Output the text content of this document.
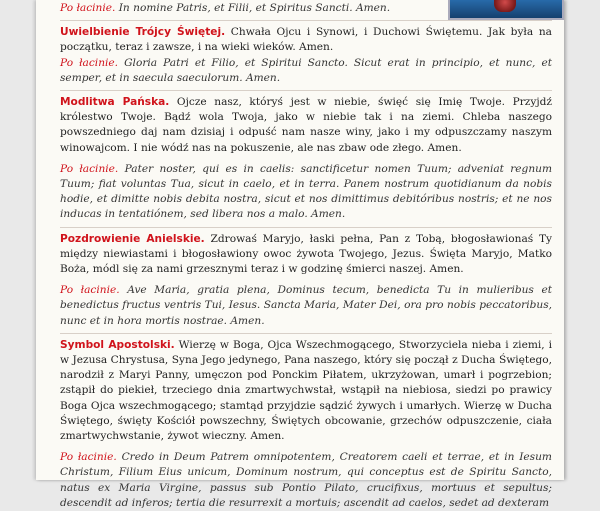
Po łacinie. In nomine Patris, et Filii, et Spiritus Sancti. Amen.

Uwielbienie Trójcy Świętej. Chwała Ojcu i Synowi, i Duchowi Świętemu. Jak była na początku, teraz i zawsze, i na wieki wieków. Amen.

Po łacinie. Gloria Patri et Filio, et Spiritui Sancto. Sicut erat in principio, et nunc, et semper, et in saecula saeculorum. Amen.

Modlitwa Pańska. Ojcze nasz, któryś jest w niebie, święć się Imię Twoje. Przyjdź królestwo Twoje. Bądź wola Twoja, jako w niebie tak i na ziemi. Chleba naszego powszedniego daj nam dzisiaj i odpuść nam nasze winy, jako i my odpuszczamy naszym winowajcom. I nie wódź nas na pokuszenie, ale nas zbaw ode złego. Amen.

Po łacinie. Pater noster, qui es in caelis: sanctificetur nomen Tuum; adveniat regnum Tuum; fiat voluntas Tua, sicut in caelo, et in terra. Panem nostrum quotidianum da nobis hodie, et dimitte nobis debita nostra, sicut et nos dimittimus debitóribus nostris; et ne nos inducas in tentatiónem, sed libera nos a malo. Amen.

Pozdrowienie Anielskie. Zdrowaś Maryjo, łaski pełna, Pan z Tobą, błogosławionaś Ty między niewiastami i błogosławiony owoc żywota Twojego, Jezus. Święta Maryjo, Matko Boża, módl się za nami grzesznymi teraz i w godzinę śmierci naszej. Amen.

Po łacinie. Ave Maria, gratia plena, Dominus tecum, benedicta Tu in mulieribus et benedictus fructus ventris Tui, Iesus. Sancta Maria, Mater Dei, ora pro nobis peccatoribus, nunc et in hora mortis nostrae. Amen.

Symbol Apostolski. Wierzę w Boga, Ojca Wszechmogącego, Stworzyciela nieba i ziemi, i w Jezusa Chrystusa, Syna Jego jedynego, Pana naszego, który się począł z Ducha Świętego, narodził z Maryi Panny, umęczon pod Ponckim Piłatem, ukrzyżowan, umarł i pogrzebion; zstąpił do piekieł, trzeciego dnia zmartwychwstał, wstąpił na niebiosa, siedzi po prawicy Boga Ojca wszechmogącego; stamtąd przyjdzie sądzić żywych i umarłych. Wierzę w Ducha Świętego, święty Kościół powszechny, Świętych obcowanie, grzechów odpuszczenie, ciała zmartwychwstanie, żywot wieczny. Amen.

Po łacinie. Credo in Deum Patrem omnipotentem, Creatorem caeli et terrae, et in Iesum Christum, Filium Eius unicum, Dominum nostrum, qui conceptus est de Spiritu Sancto, natus ex Maria Virgine, passus sub Pontio Pilato, crucifixus, mortuus et sepultus; descendit ad inferos; tertia die resurrexit a mortuis; ascendit ad caelos, sedet ad dexteram
